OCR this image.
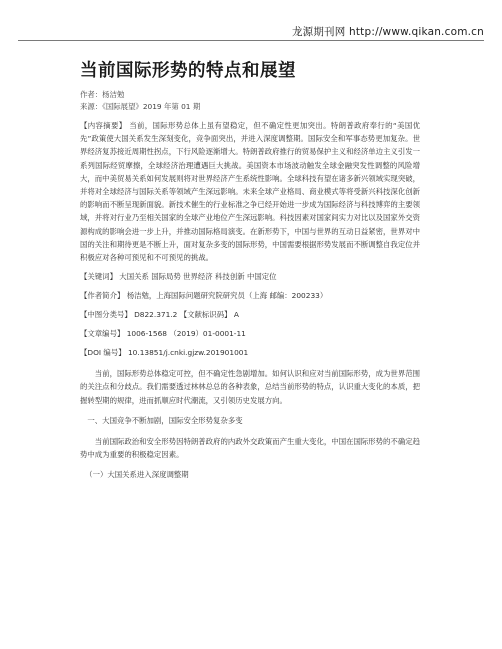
龙源期刊网 http://www.qikan.com.cn
当前国际形势的特点和展望
作者：杨洁勉
来源：《国际展望》2019 年第 01 期
【内容摘要】 当前，国际形势总体上虽有望稳定，但不确定性更加突出。特朗普政府奉行的“美国优先”政策使大国关系发生深刻变化，竞争面突出，并进入深度调整期。国际安全和军事态势更加复杂。世界经济复苏接近周期性拐点，下行风险逐渐增大。特朗普政府推行的贸易保护主义和经济单边主义引发一系列国际经贸摩擦，全球经济治理遭遇巨大挑战。美国资本市场波动触发全球金融突发性调整的风险增大，而中美贸易关系如何发展则将对世界经济产生系统性影响。全球科技有望在诸多新兴领域实现突破，并将对全球经济与国际关系等领域产生深远影响。未来全球产业格局、商业模式等将受新兴科技深化创新的影响而不断呈现新面貌。新技术催生的行业标准之争已经开始进一步成为国际经济与科技博弈的主要领域，并将对行业乃至相关国家的全球产业地位产生深远影响。科技因素对国家间实力对比以及国家外交资源构成的影响会进一步上升，并推动国际格局演变。在新形势下，中国与世界的互动日益紧密，世界对中国的关注和期待更是不断上升，面对复杂多变的国际形势，中国需要根据形势发展而不断调整自我定位并积极应对各种可预见和不可预见的挑战。
【关键词】 大国关系 国际局势 世界经济 科技创新 中国定位
【作者简介】 杨洁勉，上海国际问题研究院研究员（上海 邮编：200233）
【中图分类号】 D822.371.2 【文献标识码】 A
【文章编号】 1006-1568 （2019）01-0001-11
【DOI 编号】 10.13851/j.cnki.gjzw.201901001
当前，国际形势总体稳定可控，但不确定性急剧增加。如何认识和应对当前国际形势，成为世界范围的关注点和分歧点。我们需要透过林林总总的各种表象，总结当前形势的特点，认识重大变化的本质，把握转型期的规律，进而抓顺应时代潮流，又引领历史发展方向。
一、大国竞争不断加剧，国际安全形势复杂多变
当前国际政治和安全形势因特朗普政府的内政外交政策而产生重大变化，中国在国际形势的不确定趋势中成为重要的积极稳定因素。
（一）大国关系进入深度调整期
